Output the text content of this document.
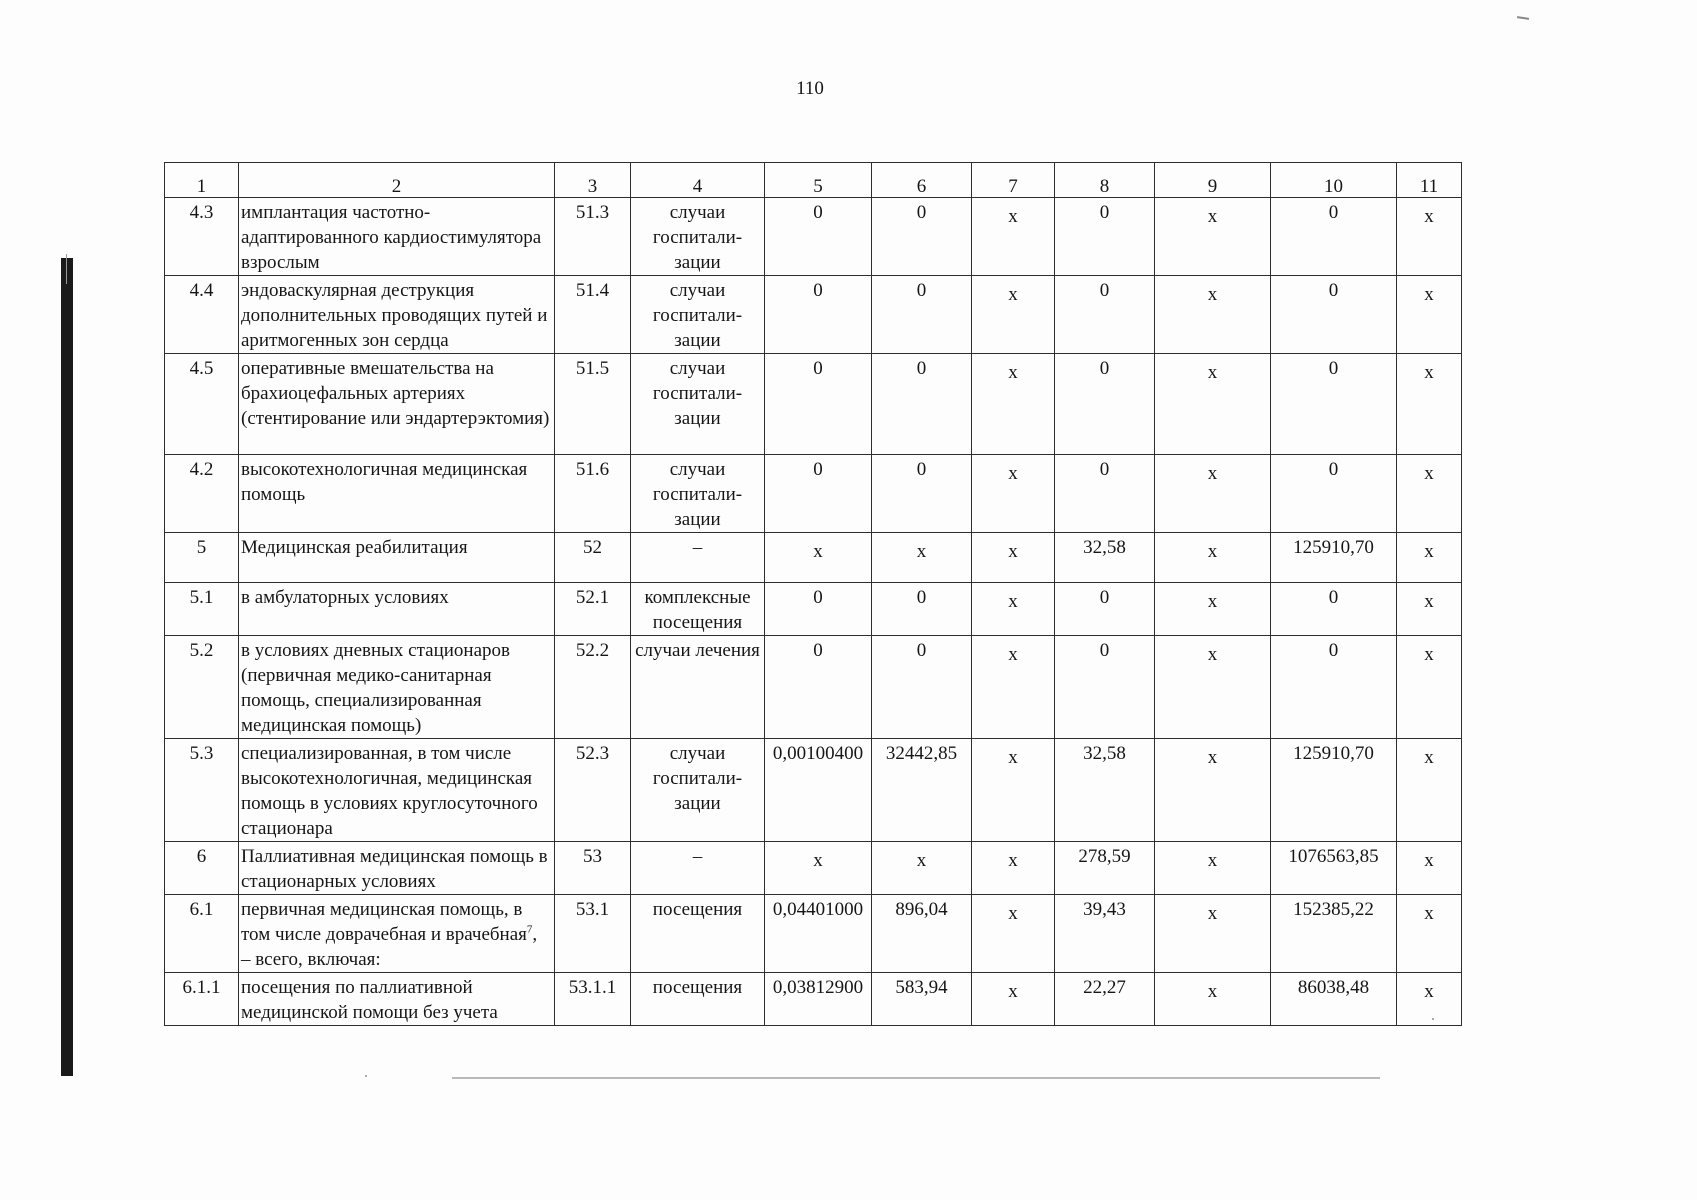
110
1	2	3	4	5	6	7	8	9	10	11
4.3	имплантация частотно-адаптированного кардиостимулятора взрослым	51.3	случаи госпитали-зации	0	0	х	0	х	0	х
4.4	эндоваскулярная деструкция дополнительных проводящих путей и аритмогенных зон сердца	51.4	случаи госпитали-зации	0	0	х	0	х	0	х
4.5	оперативные вмешательства на брахиоцефальных артериях (стентирование или эндартерэктомия)	51.5	случаи госпитали-зации	0	0	х	0	х	0	х
4.2	высокотехнологичная медицинская помощь	51.6	случаи госпитали-зации	0	0	х	0	х	0	х
5	Медицинская реабилитация	52	–	х	х	х	32,58	х	125910,70	х
5.1	в амбулаторных условиях	52.1	комплексные посещения	0	0	х	0	х	0	х
5.2	в условиях дневных стационаров (первичная медико-санитарная помощь, специализированная медицинская помощь)	52.2	случаи лечения	0	0	х	0	х	0	х
5.3	специализированная, в том числе высокотехнологичная, медицинская помощь в условиях круглосуточного стационара	52.3	случаи госпитали-зации	0,00100400	32442,85	х	32,58	х	125910,70	х
6	Паллиативная медицинская помощь в стационарных условиях	53	–	х	х	х	278,59	х	1076563,85	х
6.1	первичная медицинская помощь, в том числе доврачебная и врачебная$^7$, – всего, включая:	53.1	посещения	0,04401000	896,04	х	39,43	х	152385,22	х
6.1.1	посещения по паллиативной медицинской помощи без учета	53.1.1	посещения	0,03812900	583,94	х	22,27	х	86038,48	х
